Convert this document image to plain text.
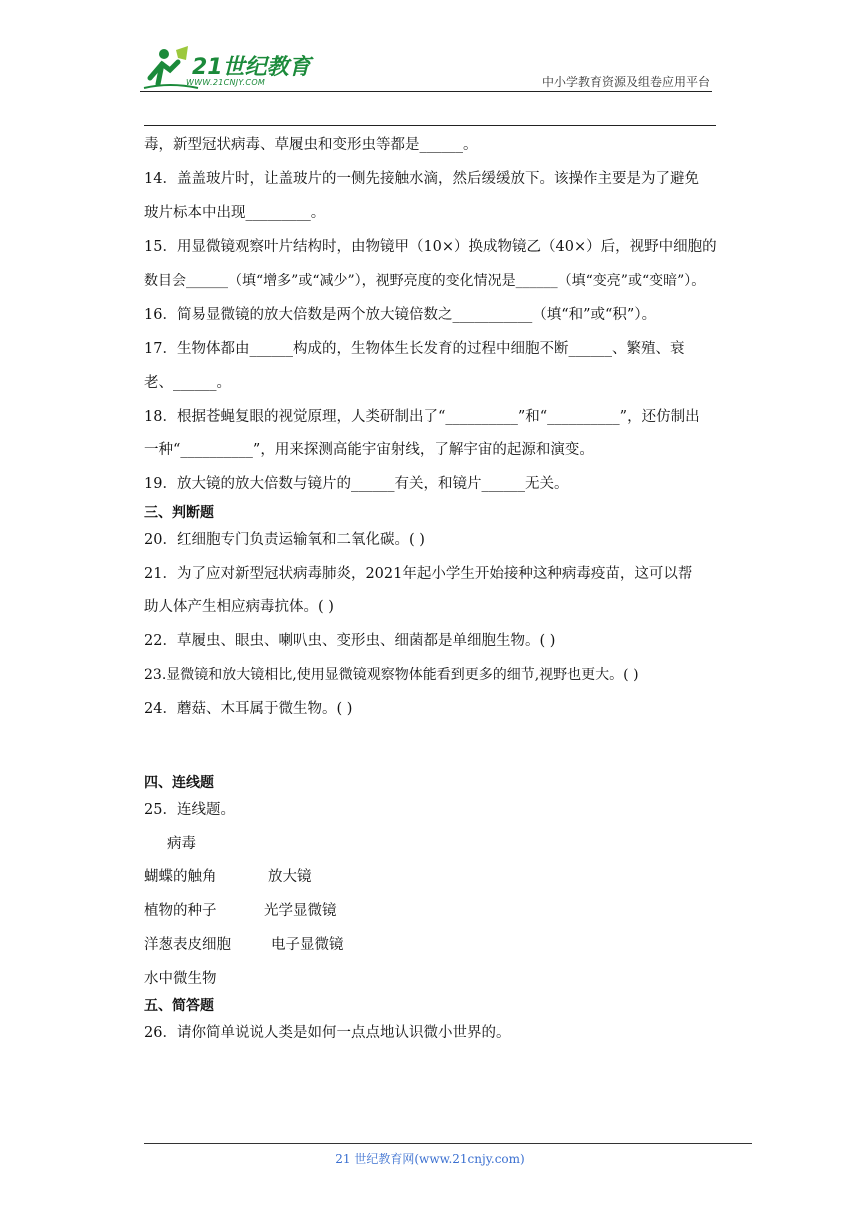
21世纪教育
WWW.21CNJY.COM	中小学教育资源及组卷应用平台
毒，新型冠状病毒、草履虫和变形虫等都是______。
14．盖盖玻片时，让盖玻片的一侧先接触水滴，然后缓缓放下。该操作主要是为了避免
玻片标本中出现_________。
15．用显微镜观察叶片结构时，由物镜甲（10×）换成物镜乙（40×）后，视野中细胞的
数目会______（填“增多”或“减少”），视野亮度的变化情况是______（填“变亮”或“变暗”）。
16．简易显微镜的放大倍数是两个放大镜倍数之___________（填“和”或“积”）。
17．生物体都由______构成的，生物体生长发育的过程中细胞不断______、繁殖、衰
老、______。
18．根据苍蝇复眼的视觉原理，人类研制出了“__________”和“__________”，还仿制出
一种“__________”，用来探测高能宇宙射线，了解宇宙的起源和演变。
19．放大镜的放大倍数与镜片的______有关，和镜片______无关。
三、判断题
20．红细胞专门负责运输氧和二氧化碳。( )
21．为了应对新型冠状病毒肺炎，2021年起小学生开始接种这种病毒疫苗，这可以帮
助人体产生相应病毒抗体。( )
22．草履虫、眼虫、喇叭虫、变形虫、细菌都是单细胞生物。( )
23.显微镜和放大镜相比,使用显微镜观察物体能看到更多的细节,视野也更大。( )
24．蘑菇、木耳属于微生物。( )
四、连线题
25．连线题。
病毒
蝴蝶的触角	放大镜
植物的种子	光学显微镜
洋葱表皮细胞	电子显微镜
水中微生物
五、简答题
26．请你简单说说人类是如何一点点地认识微小世界的。
21 世纪教育网(www.21cnjy.com)
